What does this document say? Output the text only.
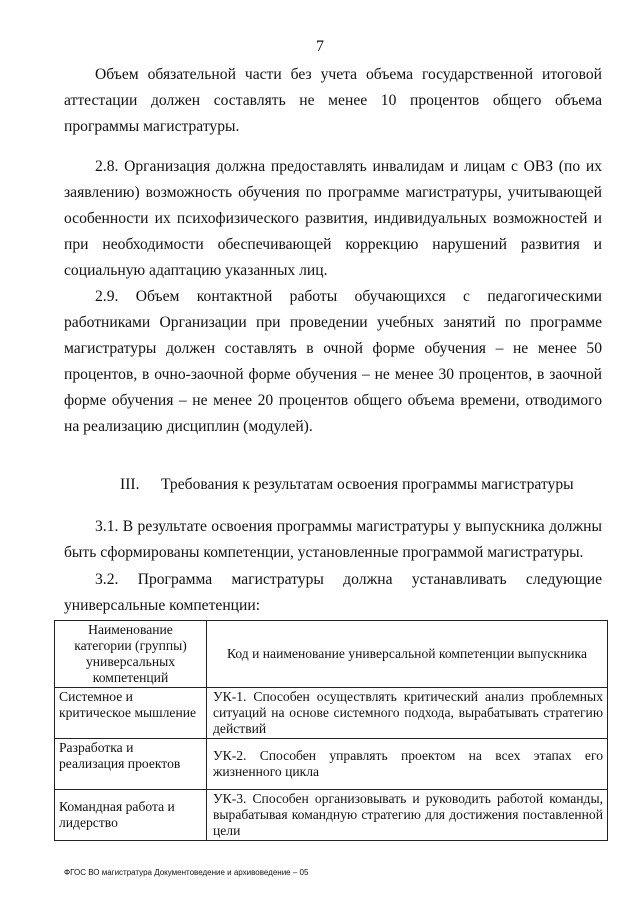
7

Объем обязательной части без учета объема государственной итоговой аттестации должен составлять не менее 10 процентов общего объема программы магистратуры.

2.8. Организация должна предоставлять инвалидам и лицам с ОВЗ (по их заявлению) возможность обучения по программе магистратуры, учитывающей особенности их психофизического развития, индивидуальных возможностей и при необходимости обеспечивающей коррекцию нарушений развития и социальную адаптацию указанных лиц.

2.9. Объем контактной работы обучающихся с педагогическими работниками Организации при проведении учебных занятий по программе магистратуры должен составлять в очной форме обучения – не менее 50 процентов, в очно-заочной форме обучения – не менее 30 процентов, в заочной форме обучения – не менее 20 процентов общего объема времени, отводимого на реализацию дисциплин (модулей).

III. Требования к результатам освоения программы магистратуры

3.1. В результате освоения программы магистратуры у выпускника должны быть сформированы компетенции, установленные программой магистратуры.

3.2. Программа магистратуры должна устанавливать следующие универсальные компетенции:

Наименование категории (группы) универсальных компетенций	Код и наименование универсальной компетенции выпускника
Системное и критическое мышление	УК-1. Способен осуществлять критический анализ проблемных ситуаций на основе системного подхода, вырабатывать стратегию действий
Разработка и реализация проектов	УК-2. Способен управлять проектом на всех этапах его жизненного цикла
Командная работа и лидерство	УК-3. Способен организовывать и руководить работой команды, вырабатывая командную стратегию для достижения поставленной цели
ФГОС ВО магистратура Документоведение и архивоведение – 05
